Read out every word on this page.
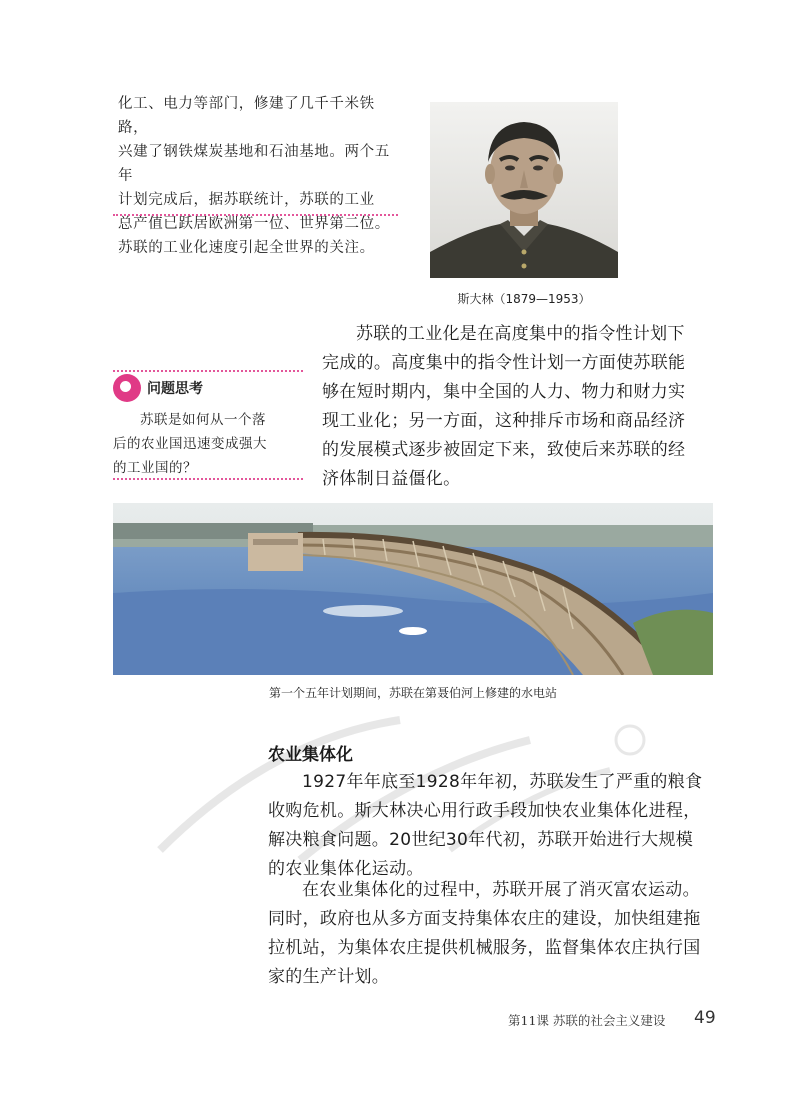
化工、电力等部门，修建了几千千米铁路，
兴建了钢铁煤炭基地和石油基地。两个五年
计划完成后，据苏联统计，苏联的工业
总产值已跃居欧洲第一位、世界第二位。
苏联的工业化速度引起全世界的关注。
斯大林（1879—1953）
苏联的工业化是在高度集中的指令性计划下
完成的。高度集中的指令性计划一方面使苏联能
够在短时期内，集中全国的人力、物力和财力实
现工业化；另一方面，这种排斥市场和商品经济
的发展模式逐步被固定下来，致使后来苏联的经
济体制日益僵化。
问题思考
苏联是如何从一个落
后的农业国迅速变成强大
的工业国的？
第一个五年计划期间，苏联在第聂伯河上修建的水电站
农业集体化
1927年年底至1928年年初，苏联发生了严重的粮食
收购危机。斯大林决心用行政手段加快农业集体化进程，
解决粮食问题。20世纪30年代初，苏联开始进行大规模
的农业集体化运动。
在农业集体化的过程中，苏联开展了消灭富农运动。
同时，政府也从多方面支持集体农庄的建设，加快组建拖
拉机站，为集体农庄提供机械服务，监督集体农庄执行国
家的生产计划。
第11课 苏联的社会主义建设 49
